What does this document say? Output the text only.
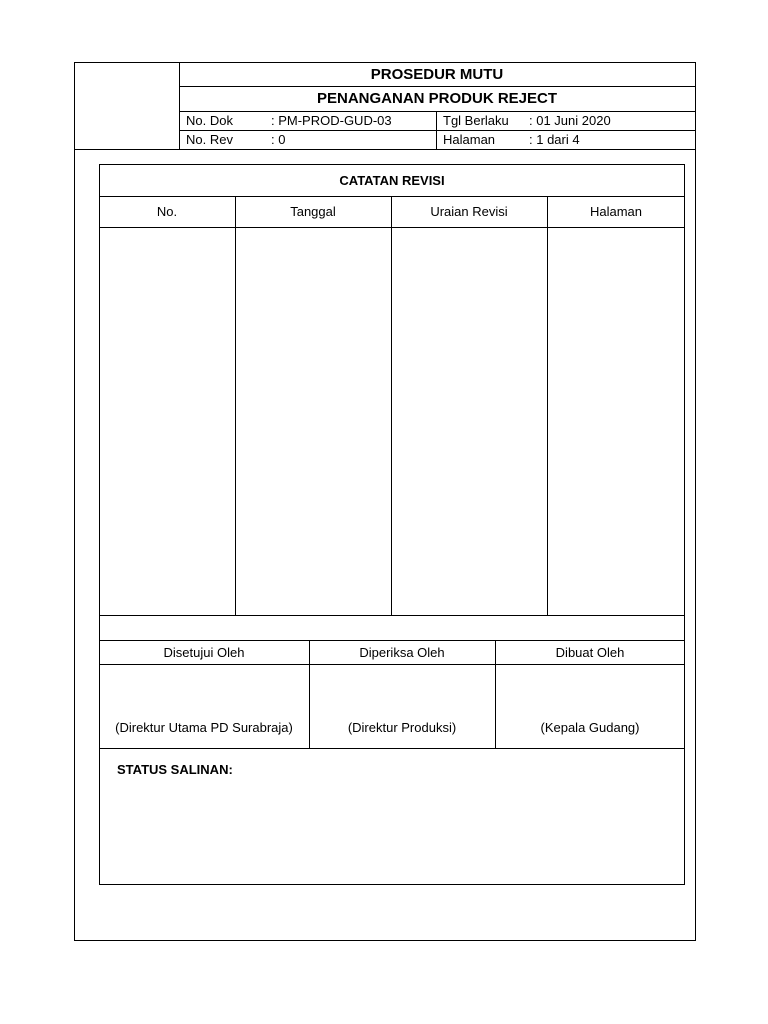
PROSEDUR MUTU
PENANGANAN PRODUK REJECT
No. Dok	: PM-PROD-GUD-03	Tgl Berlaku : 01 Juni 2020
No. Rev	: 0	Halaman	: 1 dari 4
CATATAN REVISI
No.	Tanggal	Uraian Revisi	Halaman
Disetujui Oleh	Diperiksa Oleh	Dibuat Oleh
(Direktur Utama PD Surabraja)	(Direktur Produksi)	(Kepala Gudang)
STATUS SALINAN:
